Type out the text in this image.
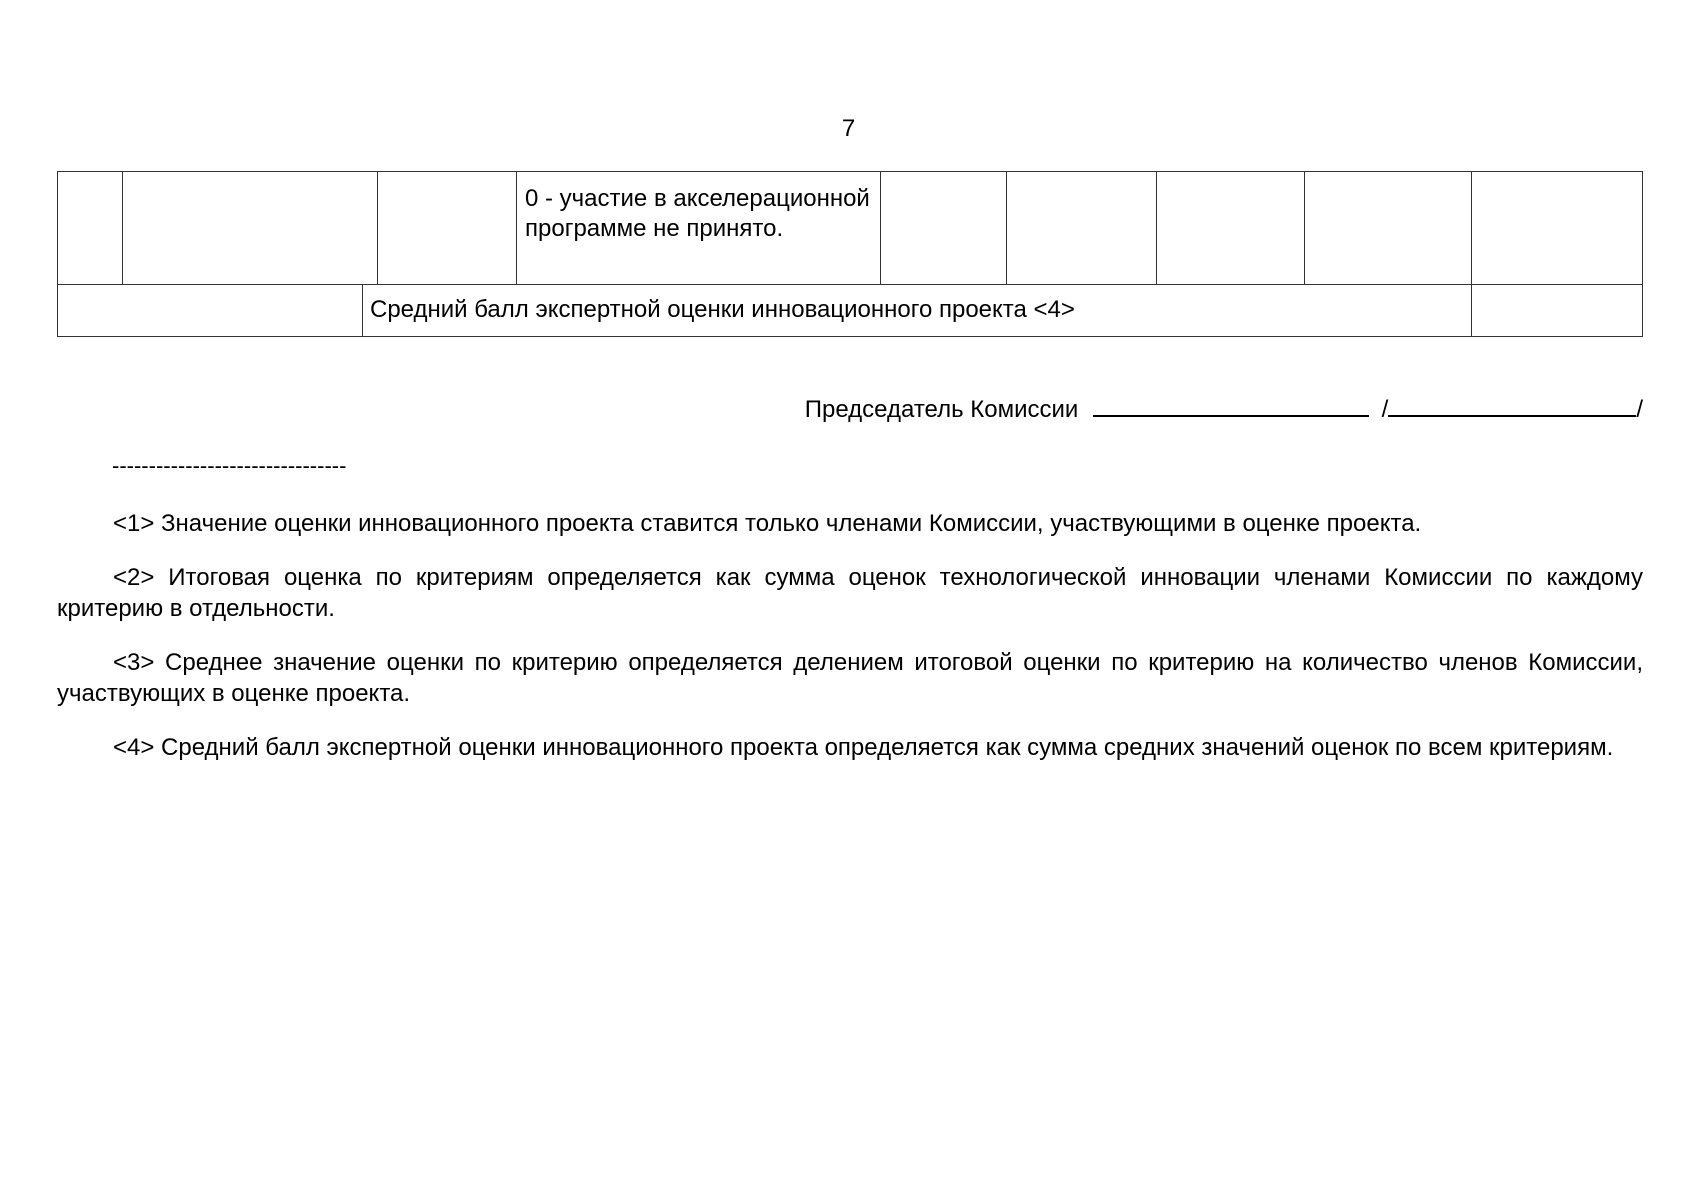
7
0 - участие в акселерационной программе не принято.
Средний балл экспертной оценки инновационного проекта <4>
Председатель Комиссии	/	/
--------------------------------

<1> Значение оценки инновационного проекта ставится только членами Комиссии, участвующими в оценке проекта.

<2> Итоговая оценка по критериям определяется как сумма оценок технологической инновации членами Комиссии по каждому критерию в отдельности.

<3> Среднее значение оценки по критерию определяется делением итоговой оценки по критерию на количество членов Комиссии, участвующих в оценке проекта.

<4> Средний балл экспертной оценки инновационного проекта определяется как сумма средних значений оценок по всем критериям.
